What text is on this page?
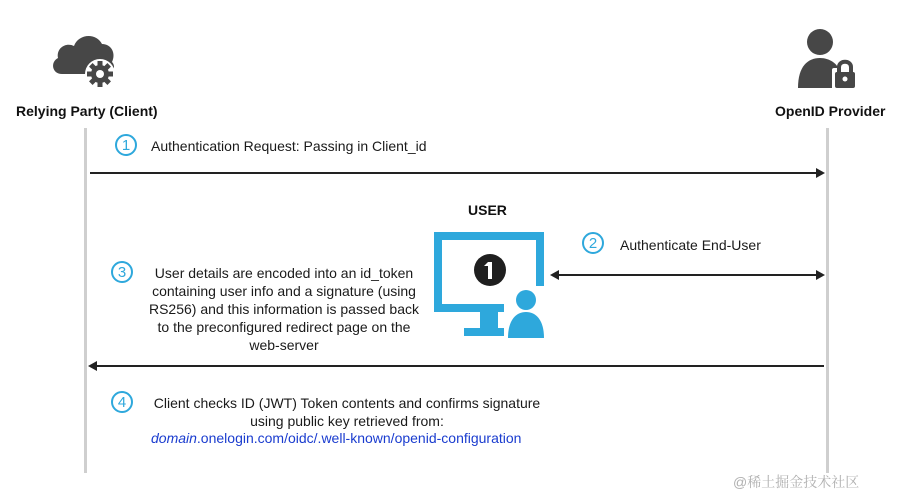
Relying Party (Client)	OpenID Provider
1	Authentication Request: Passing in Client_id
USER
2	Authenticate End-User
3	User details are encoded into an id_token
containing user info and a signature (using
RS256) and this information is passed back
to the preconfigured redirect page on the
web-server
4	Client checks ID (JWT) Token contents and confirms signature
using public key retrieved from:
domain.onelogin.com/oidc/.well-known/openid-configuration
@稀土掘金技术社区
